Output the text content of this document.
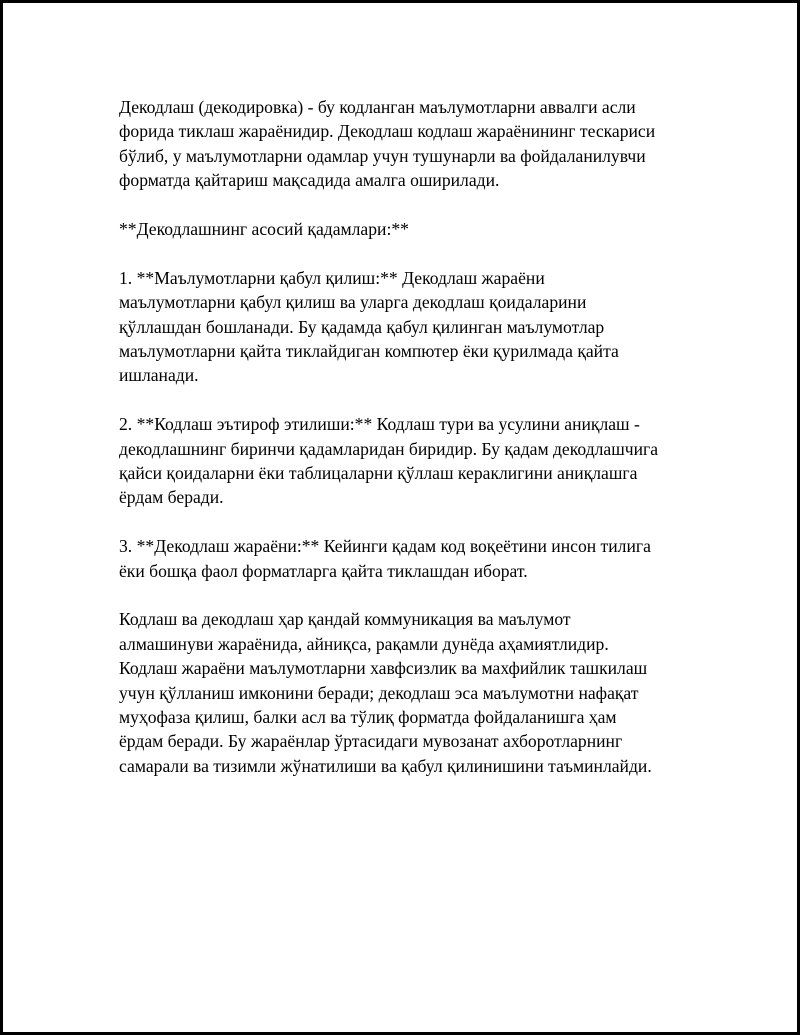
Декодлаш (декодировка) - бу кодланган маълумотларни аввалги асли
форида тиклаш жараёнидир. Декодлаш кодлаш жараёнининг тескариси
бўлиб, у маълумотларни одамлар учун тушунарли ва фойдаланилувчи
форматда қайтариш мақсадида амалга оширилади.

**Декодлашнинг асосий қадамлари:**

1. **Маълумотларни қабул қилиш:** Декодлаш жараёни
маълумотларни қабул қилиш ва уларга декодлаш қоидаларини
қўллашдан бошланади. Бу қадамда қабул қилинган маълумотлар
маълумотларни қайта тиклайдиган компютер ёки қурилмада қайта
ишланади.

2. **Кодлаш эътироф этилиши:** Кодлаш тури ва усулини аниқлаш -
декодлашнинг биринчи қадамларидан биридир. Бу қадам декодлашчига
қайси қоидаларни ёки таблицаларни қўллаш кераклигини аниқлашга
ёрдам беради.

3. **Декодлаш жараёни:** Кейинги қадам код воқеётини инсон тилига
ёки бошқа фаол форматларга қайта тиклашдан иборат.

Кодлаш ва декодлаш ҳар қандай коммуникация ва маълумот
алмашинуви жараёнида, айниқса, рақамли дунёда аҳамиятлидир.
Кодлаш жараёни маълумотларни хавфсизлик ва махфийлик ташкилаш
учун қўлланиш имконини беради; декодлаш эса маълумотни нафақат
муҳофаза қилиш, балки асл ва тўлиқ форматда фойдаланишга ҳам
ёрдам беради. Бу жараёнлар ўртасидаги мувозанат ахборотларнинг
самарали ва тизимли жўнатилиши ва қабул қилинишини таъминлайди.
